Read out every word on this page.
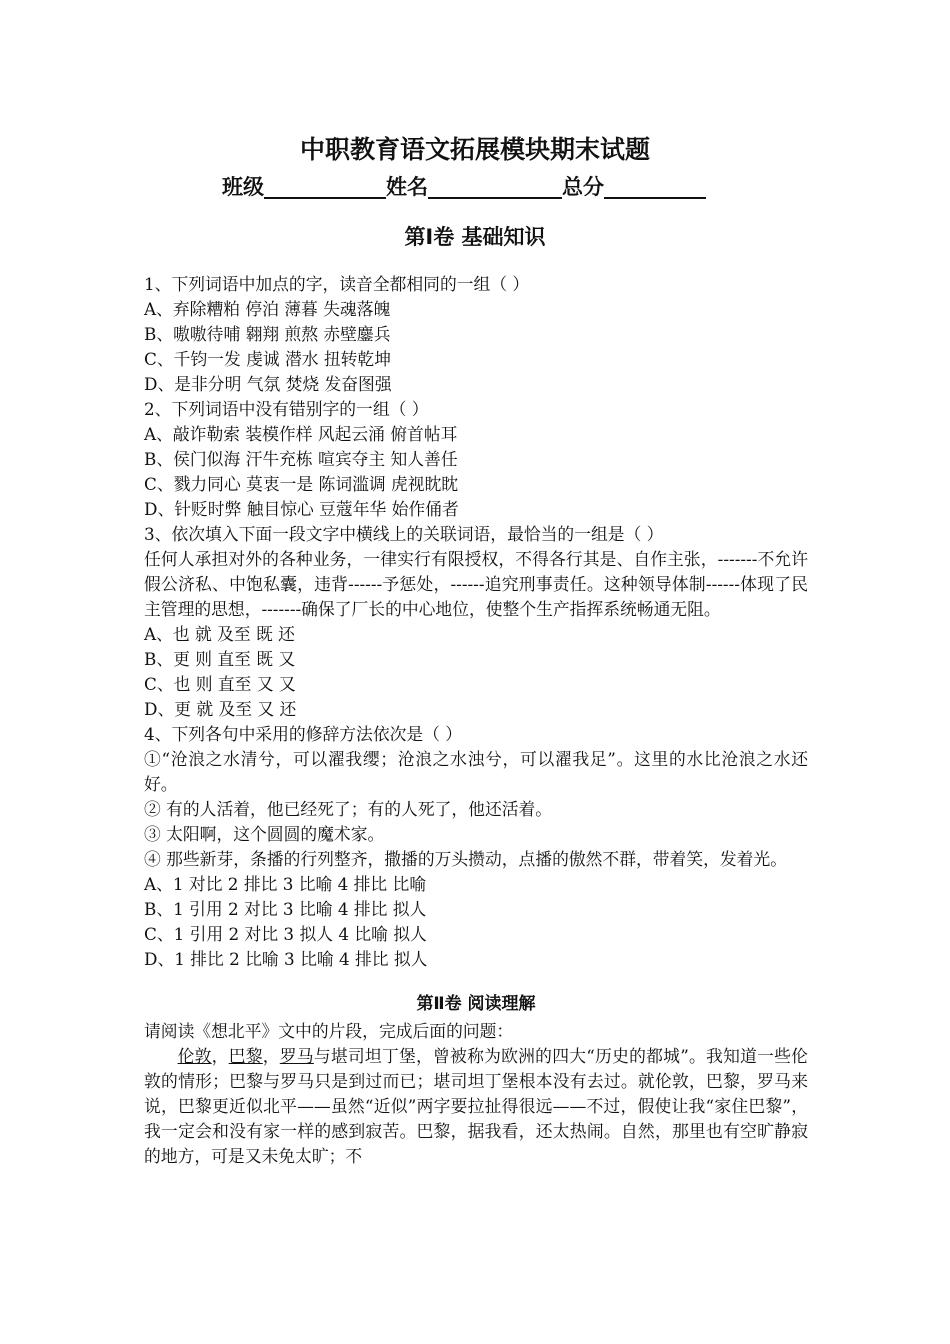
中职教育语文拓展模块期末试题
班级	姓名	总分
第Ⅰ卷 基础知识
1、下列词语中加点的字，读音全都相同的一组（ ）
A、弃除糟粕 停泊 薄暮 失魂落魄
B、嗷嗷待哺 翱翔 煎熬 赤壁鏖兵
C、千钧一发 虔诚 潜水 扭转乾坤
D、是非分明 气氛 焚烧 发奋图强
2、下列词语中没有错别字的一组（ ）
A、敲诈勒索 装模作样 风起云涌 俯首帖耳
B、侯门似海 汗牛充栋 喧宾夺主 知人善任
C、戮力同心 莫衷一是 陈词滥调 虎视眈眈
D、针贬时弊 触目惊心 豆蔻年华 始作俑者
3、依次填入下面一段文字中横线上的关联词语，最恰当的一组是（ ）
任何人承担对外的各种业务，一律实行有限授权，不得各行其是、自作主张，-------不允许假公济私、中饱私囊，违背------予惩处，------追究刑事责任。这种领导体制------体现了民主管理的思想，-------确保了厂长的中心地位，使整个生产指挥系统畅通无阻。
A、也 就 及至 既 还
B、更 则 直至 既 又
C、也 则 直至 又 又
D、更 就 及至 又 还
4、下列各句中采用的修辞方法依次是（ ）
①“沧浪之水清兮，可以濯我缨；沧浪之水浊兮，可以濯我足”。这里的水比沧浪之水还好。
② 有的人活着，他已经死了；有的人死了，他还活着。
③ 太阳啊，这个圆圆的魔术家。
④ 那些新芽，条播的行列整齐，撒播的万头攒动，点播的傲然不群，带着笑，发着光。
A、1 对比 2 排比 3 比喻 4 排比 比喻
B、1 引用 2 对比 3 比喻 4 排比 拟人
C、1 引用 2 对比 3 拟人 4 比喻 拟人
D、1 排比 2 比喻 3 比喻 4 排比 拟人
第Ⅱ卷 阅读理解
请阅读《想北平》文中的片段，完成后面的问题：
伦敦，巴黎，罗马与堪司坦丁堡，曾被称为欧洲的四大“历史的都城”。我知道一些伦敦的情形；巴黎与罗马只是到过而已；堪司坦丁堡根本没有去过。就伦敦，巴黎，罗马来说，巴黎更近似北平——虽然“近似”两字要拉扯得很远——不过，假使让我“家住巴黎”，我一定会和没有家一样的感到寂苦。巴黎，据我看，还太热闹。自然，那里也有空旷静寂的地方，可是又未免太旷；不
